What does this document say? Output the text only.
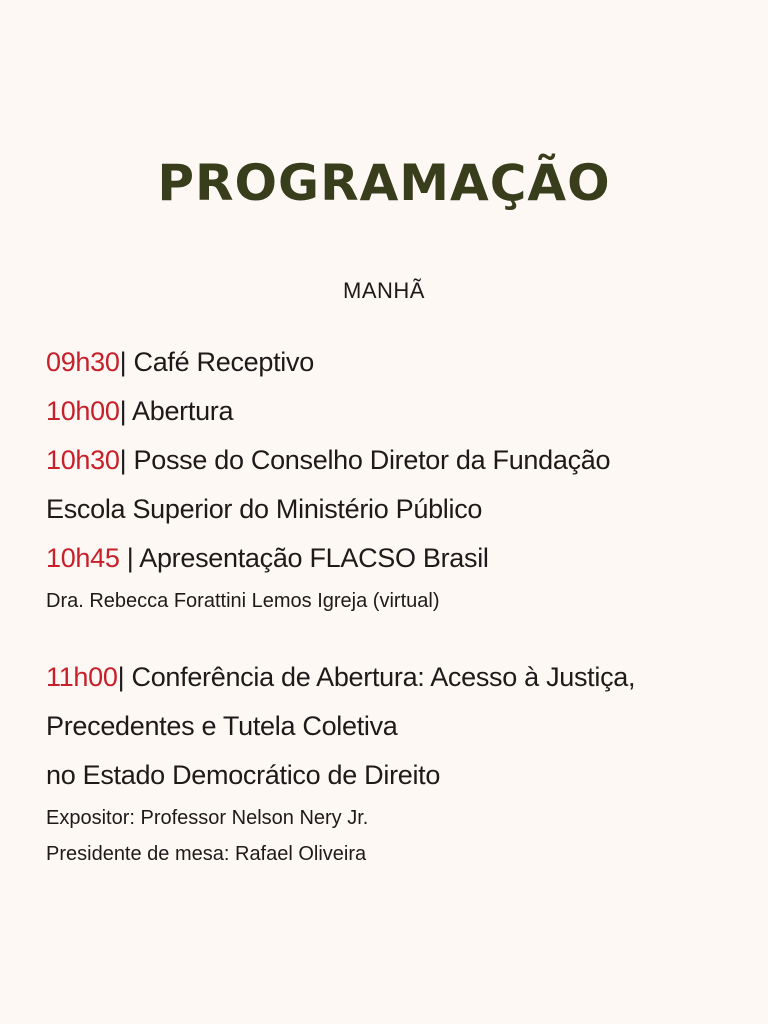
PROGRAMAÇÃO
MANHÃ
09h30| Café Receptivo
10h00| Abertura
10h30| Posse do Conselho Diretor da Fundação
Escola Superior do Ministério Público
10h45 | Apresentação FLACSO Brasil
Dra. Rebecca Forattini Lemos Igreja (virtual)
11h00| Conferência de Abertura: Acesso à Justiça,
Precedentes e Tutela Coletiva
no Estado Democrático de Direito
Expositor: Professor Nelson Nery Jr.
Presidente de mesa: Rafael Oliveira
